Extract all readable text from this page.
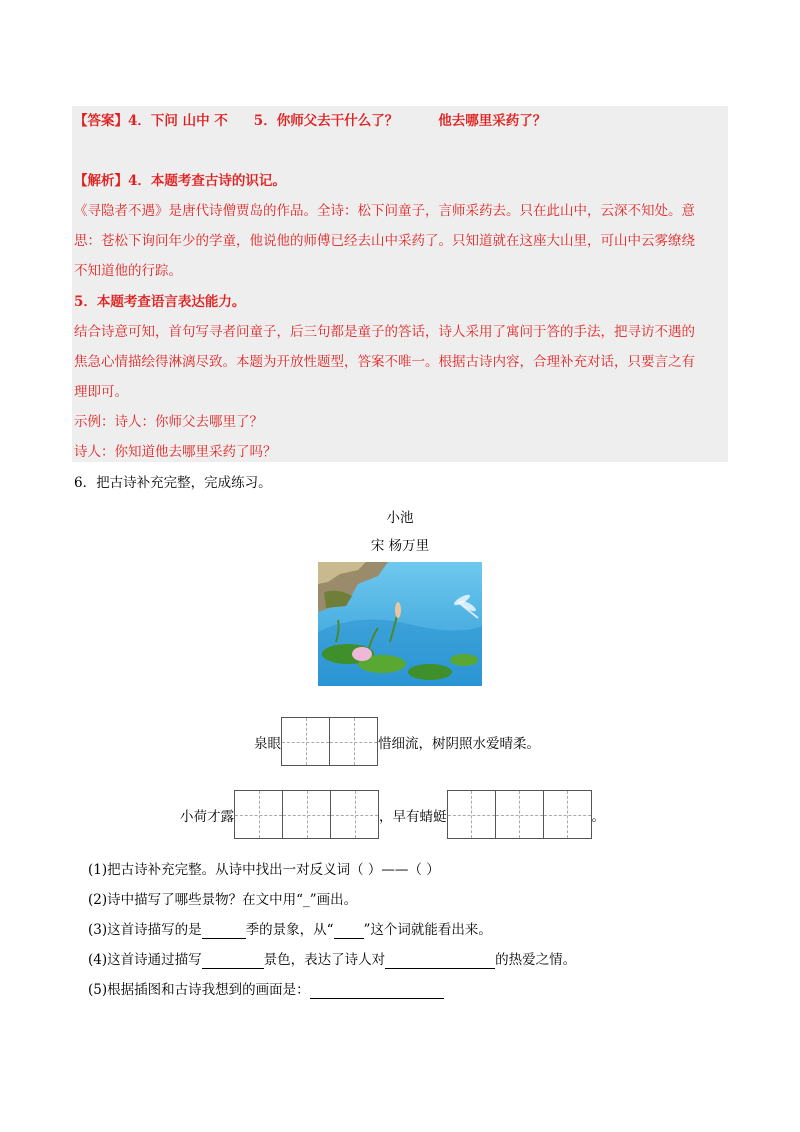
【答案】4．下问 山中 不 5．你师父去干什么了？	他去哪里采药了？
【解析】4．本题考查古诗的识记。
《寻隐者不遇》是唐代诗僧贾岛的作品。全诗：松下问童子，言师采药去。只在此山中，云深不知处。意
思：苍松下询问年少的学童，他说他的师傅已经去山中采药了。只知道就在这座大山里，可山中云雾缭绕
不知道他的行踪。
5．本题考查语言表达能力。
结合诗意可知，首句写寻者问童子，后三句都是童子的答话，诗人采用了寓问于答的手法，把寻访不遇的
焦急心情描绘得淋漓尽致。本题为开放性题型，答案不唯一。根据古诗内容，合理补充对话，只要言之有
理即可。
示例：诗人：你师父去哪里了？
诗人：你知道他去哪里采药了吗？
6．把古诗补充完整，完成练习。
小池
宋 杨万里
泉眼	惜细流，树阴照水爱晴柔。
小荷才露	，早有蜻蜓	。
(1)把古诗补充完整。从诗中找出一对反义词（ ）——（ ）
(2)诗中描写了哪些景物？在文中用“_”画出。
(3)这首诗描写的是	季的景象，从“ ”这个词就能看出来。
(4)这首诗通过描写	景色，表达了诗人对	的热爱之情。
(5)根据插图和古诗我想到的画面是：
